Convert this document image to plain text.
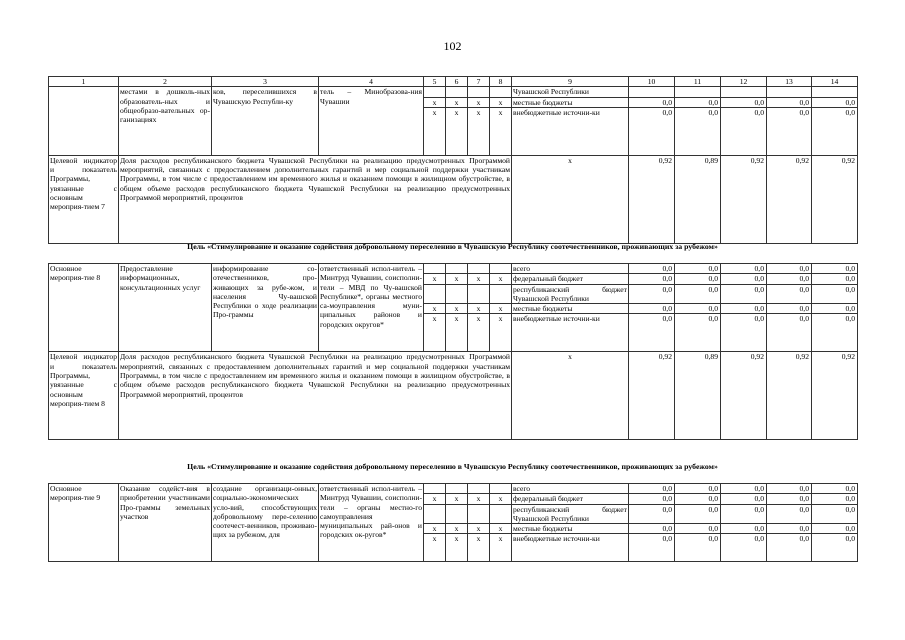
102
1	2	3	4	5	6	7	8	9	10	11	12	13	14
	местами в дошколь-ных образователь-ных и общеобразо-вательных ор-ганизациях	ков, переселившихся в Чувашскую Республи-ку	тель – Минобразова-ния Чувашии					Чувашской Республики					
				x	x	x	x	местные бюджеты	0,0	0,0	0,0	0,0	0,0
				x	x	x	x	внебюджетные источни-ки	0,0	0,0	0,0	0,0	0,0
Целевой индикатор и показатель Программы, увязанные с основным мероприя-тием 7	Доля расходов республиканского бюджета Чувашской Республики на реализацию предусмотренных Программой мероприятий, связанных с предоставлением дополнительных гарантий и мер социальной поддержки участникам Программы, в том числе с предоставлением им временного жилья и оказанием помощи в жилищном обустройстве, в общем объеме расходов республиканского бюджета Чувашской Республики на реализацию предусмотренных Программой мероприятий, процентов							x	0,92	0,89	0,92	0,92	0,92
Цель «Стимулирование и оказание содействия добровольному переселению в Чувашскую Республику соотечественников, проживающих за рубежом»
Основное мероприя-тие 8	Предоставление информационных, консультационных услуг	информирование со-отечественников, про-живающих за рубе-жом, и населения Чу-вашской Республики о ходе реализации Про-граммы	ответственный испол-нитель – Минтруд Чувашии, соисполни-тели – МВД по Чу-вашской Республике*, органы местного са-моуправления муни-ципальных районов и городских округов*					всего	0,0	0,0	0,0	0,0	0,0
				x	x	x	x	федеральный бюджет	0,0	0,0	0,0	0,0	0,0
								республиканский бюджет Чувашской Республики	0,0	0,0	0,0	0,0	0,0
				x	x	x	x	местные бюджеты	0,0	0,0	0,0	0,0	0,0
				x	x	x	x	внебюджетные источни-ки	0,0	0,0	0,0	0,0	0,0
Целевой индикатор и показатель Программы, увязанные с основным мероприя-тием 8	Доля расходов республиканского бюджета Чувашской Республики на реализацию предусмотренных Программой мероприятий, связанных с предоставлением дополнительных гарантий и мер социальной поддержки участникам Программы, в том числе с предоставлением им временного жилья и оказанием помощи в жилищном обустройстве, в общем объеме расходов республиканского бюджета Чувашской Республики на реализацию предусмотренных Программой мероприятий, процентов							x	0,92	0,89	0,92	0,92	0,92
Цель «Стимулирование и оказание содействия добровольному переселению в Чувашскую Республику соотечественников, проживающих за рубежом»
Основное мероприя-тие 9	Оказание содейст-вия в приобретении участниками Про-граммы земельных участков	создание организаци-онных, социально-экономических усло-вий, способствующих добровольному пере-селению соотечест-венников, проживаю-щих за рубежом, для	ответственный испол-нитель – Минтруд Чувашии, соисполни-тели – органы местно-го самоуправления муниципальных рай-онов и городских ок-ругов*					всего	0,0	0,0	0,0	0,0	0,0
				x	x	x	x	федеральный бюджет	0,0	0,0	0,0	0,0	0,0
								республиканский бюджет Чувашской Республики	0,0	0,0	0,0	0,0	0,0
				x	x	x	x	местные бюджеты	0,0	0,0	0,0	0,0	0,0
				x	x	x	x	внебюджетные источни-ки	0,0	0,0	0,0	0,0	0,0
